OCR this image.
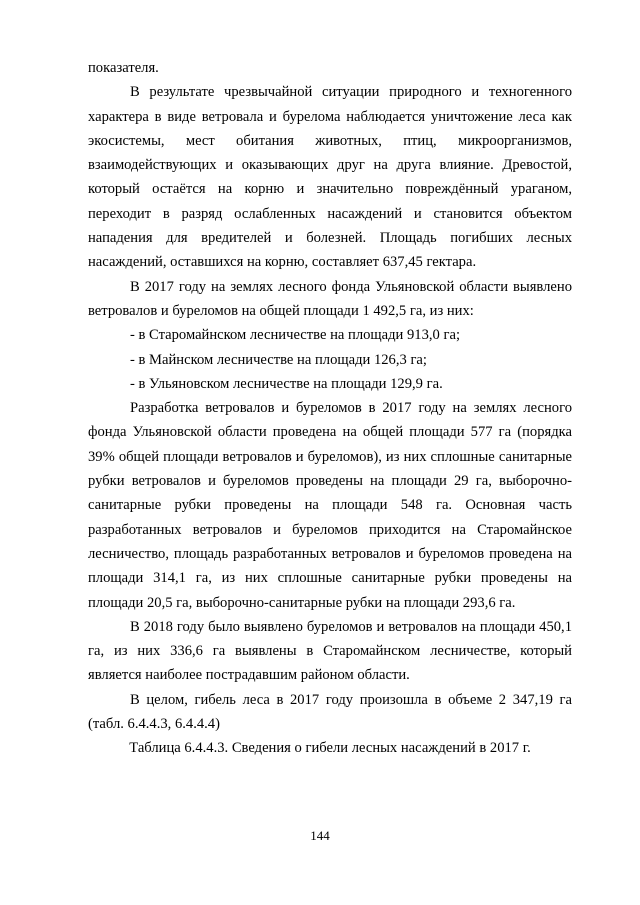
показателя.

В результате чрезвычайной ситуации природного и техногенного характера в виде ветровала и бурелома наблюдается уничтожение леса как экосистемы, мест обитания животных, птиц, микроорганизмов, взаимодействующих и оказывающих друг на друга влияние. Древостой, который остаётся на корню и значительно повреждённый ураганом, переходит в разряд ослабленных насаждений и становится объектом нападения для вредителей и болезней. Площадь погибших лесных насаждений, оставшихся на корню, составляет 637,45 гектара.

В 2017 году на землях лесного фонда Ульяновской области выявлено ветровалов и буреломов на общей площади 1 492,5 га, из них:

- в Старомайнском лесничестве на площади 913,0 га;

- в Майнском лесничестве на площади 126,3 га;

- в Ульяновском лесничестве на площади 129,9 га.

Разработка ветровалов и буреломов в 2017 году на землях лесного фонда Ульяновской области проведена на общей площади 577 га (порядка 39% общей площади ветровалов и буреломов), из них сплошные санитарные рубки ветровалов и буреломов проведены на площади 29 га, выборочно-санитарные рубки проведены на площади 548 га. Основная часть разработанных ветровалов и буреломов приходится на Старомайнское лесничество, площадь разработанных ветровалов и буреломов проведена на площади 314,1 га, из них сплошные санитарные рубки проведены на площади 20,5 га, выборочно-санитарные рубки на площади 293,6 га.

В 2018 году было выявлено буреломов и ветровалов на площади 450,1 га, из них 336,6 га выявлены в Старомайнском лесничестве, который является наиболее пострадавшим районом области.

В целом, гибель леса в 2017 году произошла в объеме 2 347,19 га (табл. 6.4.4.3, 6.4.4.4)

Таблица 6.4.4.3. Сведения о гибели лесных насаждений в 2017 г.

144
